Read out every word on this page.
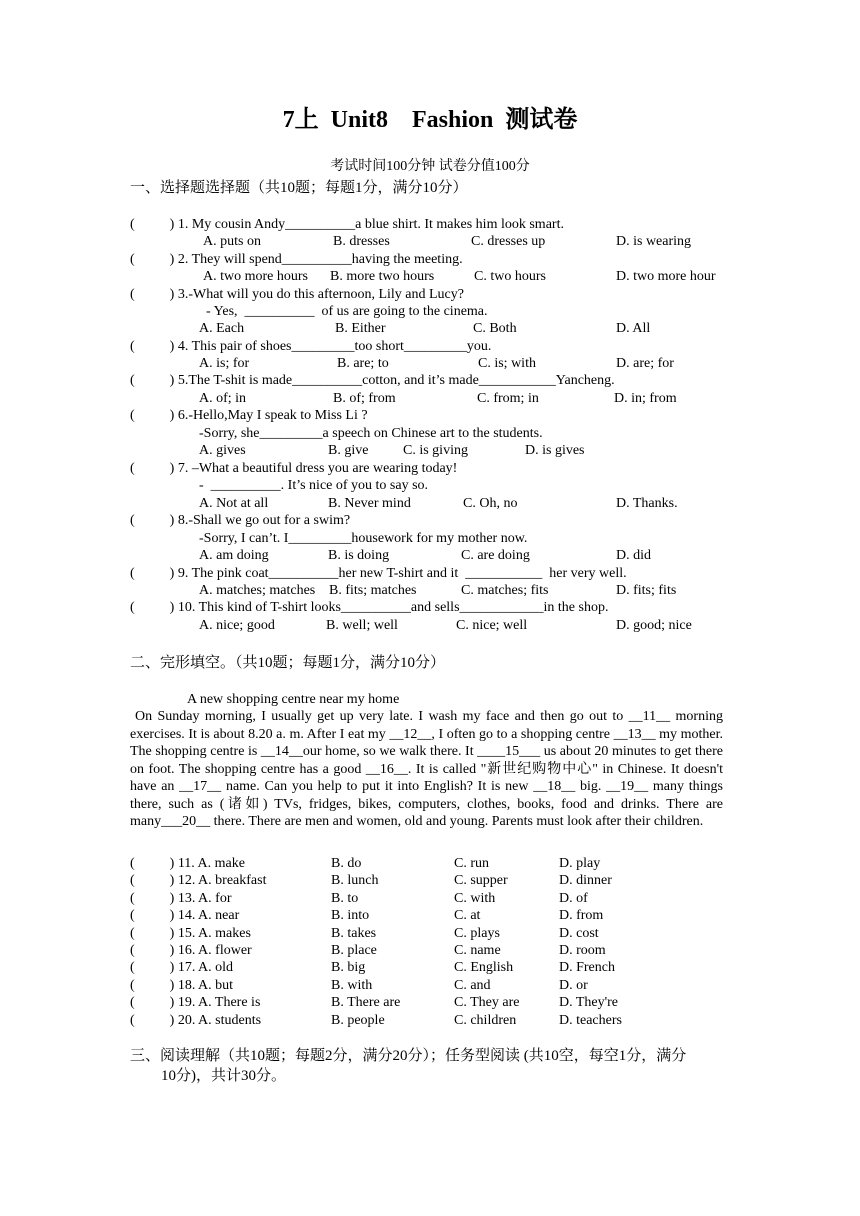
7上  Unit8    Fashion  测试卷
考试时间100分钟 试卷分值100分
一、选择题选择题（共10题；每题1分，满分10分）
(          ) 1. My cousin Andy__________a blue shirt. It makes him look smart.
A. puts on	B. dresses	C. dresses up	D. is wearing
(          ) 2. They will spend__________having the meeting.
A. two more hours B. more two hours	C. two hours	D. two more hour
(          ) 3.-What will you do this afternoon, Lily and Lucy?
- Yes,  __________  of us are going to the cinema.
A. Each	B. Either	C. Both	D. All
(          ) 4. This pair of shoes_________too short_________you.
A. is; for	B. are; to	C. is; with	D. are; for
(          ) 5.The T-shit is made__________cotton, and it’s made___________Yancheng.
A. of; in	B. of; from	C. from; in	D. in; from
(          ) 6.-Hello,May I speak to Miss Li ?
-Sorry, she_________a speech on Chinese art to the students.
A. gives	B. give C. is giving	D. is gives
(          ) 7. –What a beautiful dress you are wearing today!
-  __________. It’s nice of you to say so.
A. Not at all	B. Never mind	C. Oh, no	D. Thanks.
(          ) 8.-Shall we go out for a swim?
-Sorry, I can’t. I_________housework for my mother now.
A. am doing	B. is doing	C. are doing	D. did
(          ) 9. The pink coat__________her new T-shirt and it  ___________  her very well.
A. matches; matches B. fits; matches	C. matches; fits	D. fits; fits
(          ) 10. This kind of T-shirt looks__________and sells____________in the shop.
A. nice; good	B. well; well	C. nice; well	D. good; nice
二、完形填空。（共10题；每题1分，满分10分）
A new shopping centre near my home
On Sunday morning, I usually get up very late. I wash my face and then go out to __11__ morning exercises. It is about 8.20 a. m. After I eat my __12__, I often go to a shopping centre __13__ my mother. The shopping centre is __14__our home, so we walk there. It ____15___ us about 20 minutes to get there on foot. The shopping centre has a good __16__. It is called "新世纪购物中心" in Chinese. It doesn't have an __17__ name. Can you help to put it into English? It is new __18__ big. __19__ many things there, such as (诸如) TVs, fridges, bikes, computers, clothes, books, food and drinks. There are many___20__ there. There are men and women, old and young. Parents must look after their children.
(          ) 11. A. make	B. do	C. run	D. play
(          ) 12. A. breakfast	B. lunch	C. supper	D. dinner
(          ) 13. A. for	B. to	C. with	D. of
(          ) 14. A. near	B. into	C. at	D. from
(          ) 15. A. makes	B. takes	C. plays	D. cost
(          ) 16. A. flower	B. place	C. name	D. room
(          ) 17. A. old	B. big	C. English	D. French
(          ) 18. A. but	B. with	C. and	D. or
(          ) 19. A. There is	B. There are	C. They are	D. They're
(          ) 20. A. students	B. people	C. children	D. teachers
三、阅读理解（共10题；每题2分，满分20分）；任务型阅读 (共10空，每空1分，满分
10分)，共计30分。
